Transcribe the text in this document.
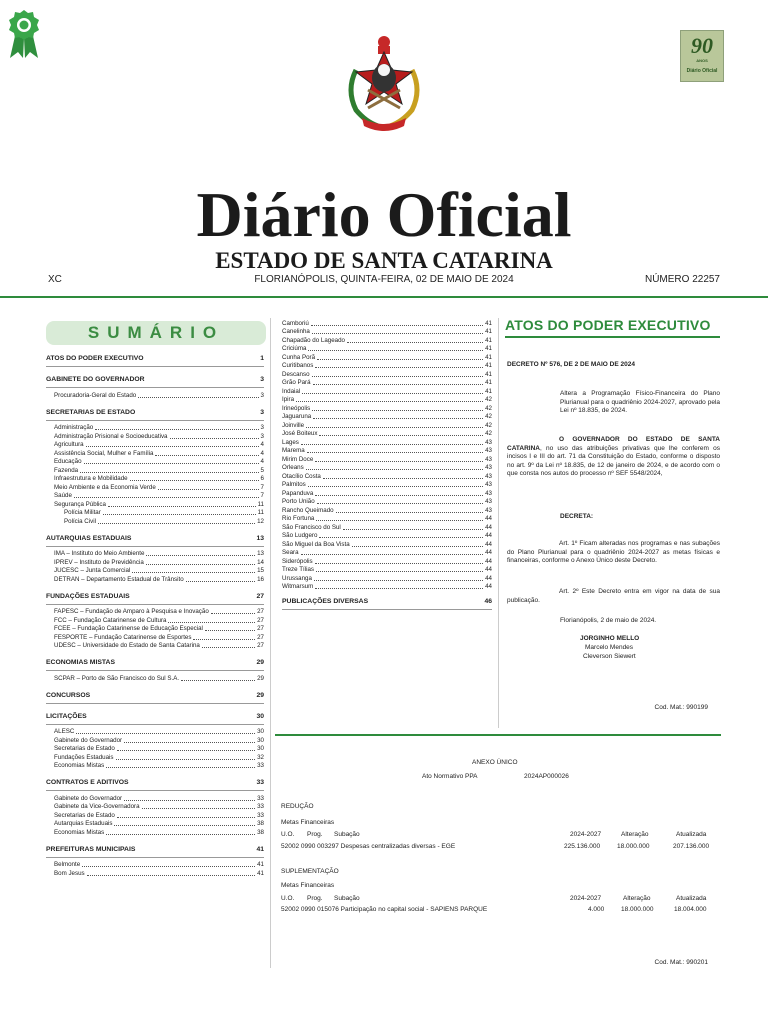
90
ANOS
Diário Oficial
Diário Oficial
ESTADO DE SANTA CATARINA
XC	FLORIANÓPOLIS, QUINTA-FEIRA, 02 DE MAIO DE 2024	NÚMERO 22257
SUMÁRIO
ATOS DO PODER EXECUTIVO	1
GABINETE DO GOVERNADOR	3
Procuradoria-Geral do Estado	3
SECRETARIAS DE ESTADO	3
Administração	3
Administração Prisional e Socioeducativa	3
Agricultura	4
Assistência Social, Mulher e Família	4
Educação	4
Fazenda	5
Infraestrutura e Mobilidade	6
Meio Ambiente e da Economia Verde	7
Saúde	7
Segurança Pública	11
Polícia Militar	11
Polícia Civil	12
AUTARQUIAS ESTADUAIS	13
IMA – Instituto do Meio Ambiente	13
IPREV – Instituto de Previdência	14
JUCESC – Junta Comercial	15
DETRAN – Departamento Estadual de Trânsito	16
FUNDAÇÕES ESTADUAIS	27
FAPESC – Fundação de Amparo à Pesquisa e Inovação	27
FCC – Fundação Catarinense de Cultura	27
FCEE – Fundação Catarinense de Educação Especial	27
FESPORTE – Fundação Catarinense de Esportes	27
UDESC – Universidade do Estado de Santa Catarina	27
ECONOMIAS MISTAS	29
SCPAR – Porto de São Francisco do Sul S.A.	29
CONCURSOS	29
LICITAÇÕES	30
ALESC	30
Gabinete do Governador	30
Secretarias de Estado	30
Fundações Estaduais	32
Economias Mistas	33
CONTRATOS E ADITIVOS	33
Gabinete do Governador	33
Gabinete da Vice-Governadora	33
Secretarias de Estado	33
Autarquias Estaduais	38
Economias Mistas	38
PREFEITURAS MUNICIPAIS	41
Belmonte	41
Bom Jesus	41
Camboriú	41
Canelinha	41
Chapadão do Lageado	41
Criciúma	41
Cunha Porã	41
Curitibanos	41
Descanso	41
Grão Pará	41
Indaial	41
Ipira	42
Irineópolis	42
Jaguaruna	42
Joinville	42
José Boiteux	42
Lages	43
Marema	43
Mirim Doce	43
Orleans	43
Otacílio Costa	43
Palmitos	43
Papanduva	43
Porto União	43
Rancho Queimado	43
Rio Fortuna	44
São Francisco do Sul	44
São Ludgero	44
São Miguel da Boa Vista	44
Seara	44
Siderópolis	44
Treze Tílias	44
Urussanga	44
Witmarsum	44
PUBLICAÇÕES DIVERSAS	46
ATOS DO PODER EXECUTIVO
DECRETO Nº 576, DE 2 DE MAIO DE 2024
Altera a Programação Físico-Financeira do Plano Plurianual para o quadriênio 2024-2027, aprovado pela Lei nº 18.835, de 2024.
O GOVERNADOR DO ESTADO DE SANTA CATARINA, no uso das atribuições privativas que lhe conferem os incisos I e III do art. 71 da Constituição do Estado, conforme o disposto no art. 9º da Lei nº 18.835, de 12 de janeiro de 2024, e de acordo com o que consta nos autos do processo nº SEF 5548/2024,
DECRETA:
Art. 1º Ficam alteradas nos programas e nas subações do Plano Plurianual para o quadriênio 2024-2027 as metas físicas e financeiras, conforme o Anexo Único deste Decreto.
Art. 2º Este Decreto entra em vigor na data de sua publicação.
Florianópolis, 2 de maio de 2024.
JORGINHO MELLO
Marcelo Mendes
Cleverson Siewert
Cod. Mat.: 990199
ANEXO ÚNICO
Ato Normativo PPA	2024AP000026
REDUÇÃO
Metas Financeiras
U.O. Prog. Subação	2024-2027	Alteração	Atualizada
52002 0990 003297 Despesas centralizadas diversas - EGE	225.136.000	18.000.000	207.136.000
SUPLEMENTAÇÃO
Metas Financeiras
U.O. Prog. Subação	2024-2027	Alteração	Atualizada
52002 0990 015076 Participação no capital social - SAPIENS PARQUE	4.000	18.000.000	18.004.000
Cod. Mat.: 990201
